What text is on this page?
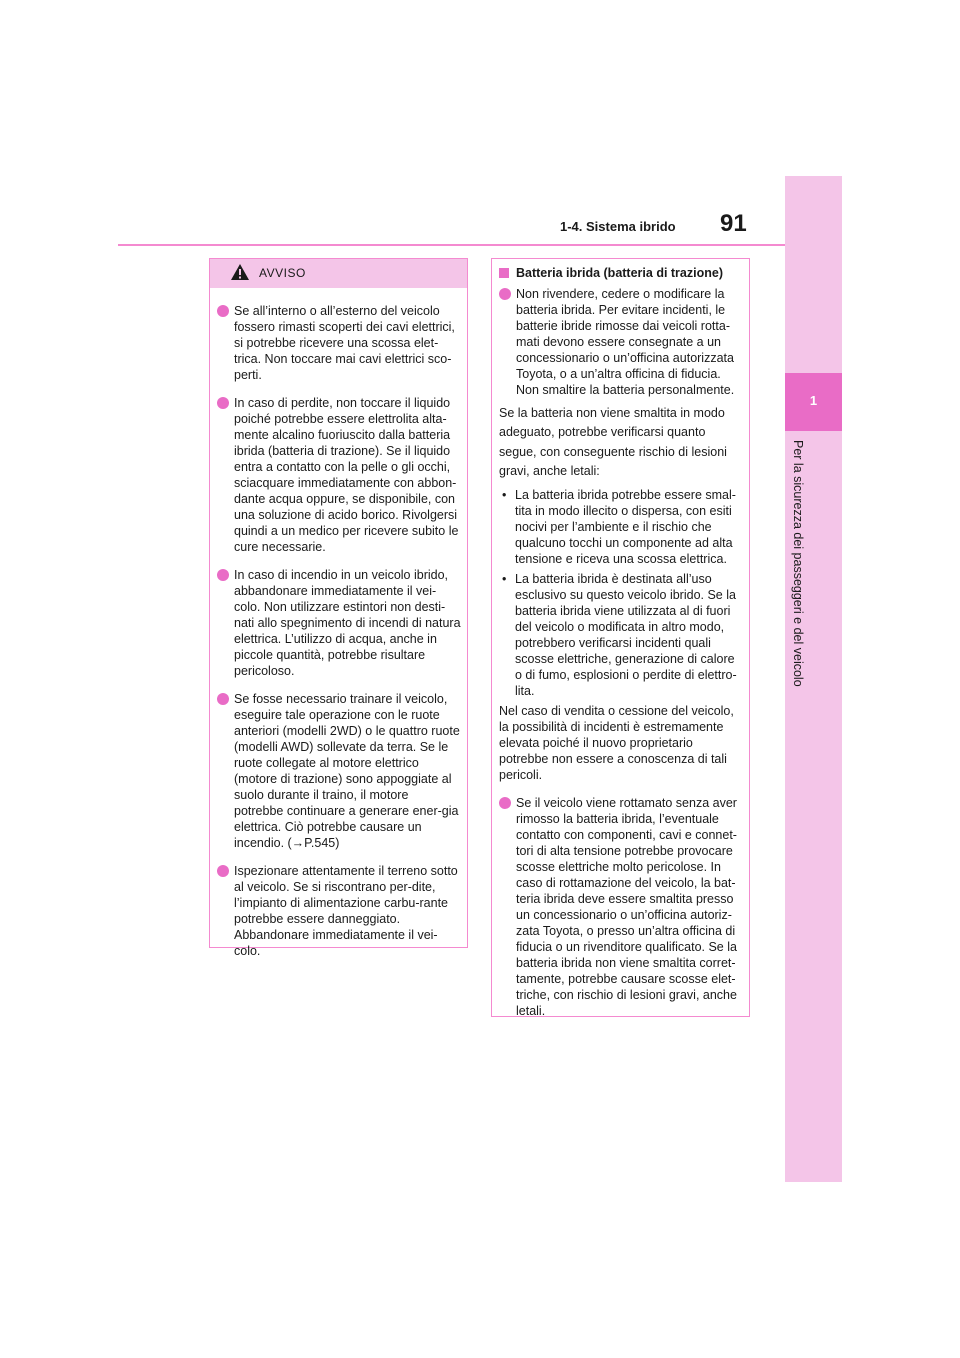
1-4. Sistema ibrido 91
1
Per la sicurezza dei passeggeri e del veicolo
AVVISO
Se all’interno o all’esterno del veicolo fossero rimasti scoperti dei cavi elettrici, si potrebbe ricevere una scossa elet-trica. Non toccare mai cavi elettrici sco-perti.
In caso di perdite, non toccare il liquido poiché potrebbe essere elettrolita alta-mente alcalino fuoriuscito dalla batteria ibrida (batteria di trazione). Se il liquido entra a contatto con la pelle o gli occhi, sciacquare immediatamente con abbon-dante acqua oppure, se disponibile, con una soluzione di acido borico. Rivolgersi quindi a un medico per ricevere subito le cure necessarie.
In caso di incendio in un veicolo ibrido, abbandonare immediatamente il vei-colo. Non utilizzare estintori non desti-nati allo spegnimento di incendi di natura elettrica. L’utilizzo di acqua, anche in piccole quantità, potrebbe risultare pericoloso.
Se fosse necessario trainare il veicolo, eseguire tale operazione con le ruote anteriori (modelli 2WD) o le quattro ruote (modelli AWD) sollevate da terra. Se le ruote collegate al motore elettrico (motore di trazione) sono appoggiate al suolo durante il traino, il motore potrebbe continuare a generare ener-gia elettrica. Ciò potrebbe causare un incendio. (→P.545)
Ispezionare attentamente il terreno sotto al veicolo. Se si riscontrano per-dite, l’impianto di alimentazione carbu-rante potrebbe essere danneggiato. Abbandonare immediatamente il vei-colo.
Batteria ibrida (batteria di trazione)
Non rivendere, cedere o modificare la batteria ibrida. Per evitare incidenti, le batterie ibride rimosse dai veicoli rotta-mati devono essere consegnate a un concessionario o un’officina autorizzata Toyota, o a un’altra officina di fiducia. Non smaltire la batteria personalmente.
Se la batteria non viene smaltita in modo
adeguato, potrebbe verificarsi quanto
segue, con conseguente rischio di lesioni
gravi, anche letali:
• La batteria ibrida potrebbe essere smal-tita in modo illecito o dispersa, con esiti nocivi per l’ambiente e il rischio che qualcuno tocchi un componente ad alta tensione e riceva una scossa elettrica.
• La batteria ibrida è destinata all’uso esclusivo su questo veicolo ibrido. Se la batteria ibrida viene utilizzata al di fuori del veicolo o modificata in altro modo, potrebbero verificarsi incidenti quali scosse elettriche, generazione di calore o di fumo, esplosioni o perdite di elettro-lita.
Nel caso di vendita o cessione del veicolo, la possibilità di incidenti è estremamente elevata poiché il nuovo proprietario potrebbe non essere a conoscenza di tali pericoli.
Se il veicolo viene rottamato senza aver rimosso la batteria ibrida, l’eventuale contatto con componenti, cavi e connet-tori di alta tensione potrebbe provocare scosse elettriche molto pericolose. In caso di rottamazione del veicolo, la bat-teria ibrida deve essere smaltita presso un concessionario o un’officina autoriz-zata Toyota, o presso un’altra officina di fiducia o un rivenditore qualificato. Se la batteria ibrida non viene smaltita corret-tamente, potrebbe causare scosse elet-triche, con rischio di lesioni gravi, anche letali.
